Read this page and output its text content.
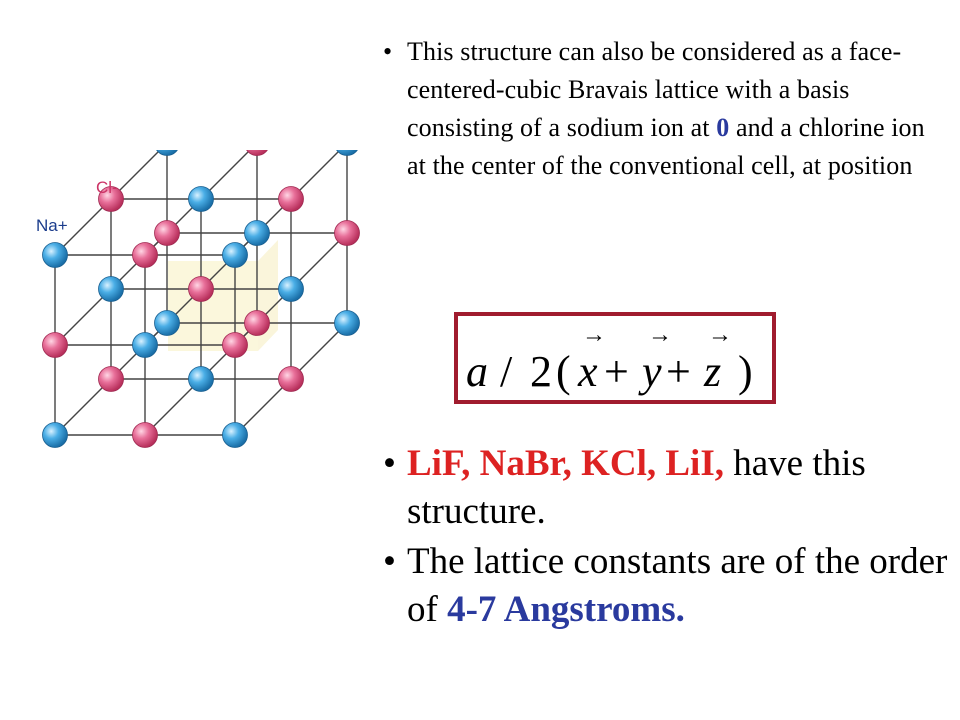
Cl-
Na+
• This structure can also be considered as a face-centered-cubic Bravais lattice with a basis consisting of a sodium ion at 0 and a chlorine ion at the center of the conventional cell, at position
a / 2 (
→
x +
→
y +
→
z )
• LiF, NaBr, KCl, LiI, have this structure.
• The lattice constants are of the order of 4-7 Angstroms.
